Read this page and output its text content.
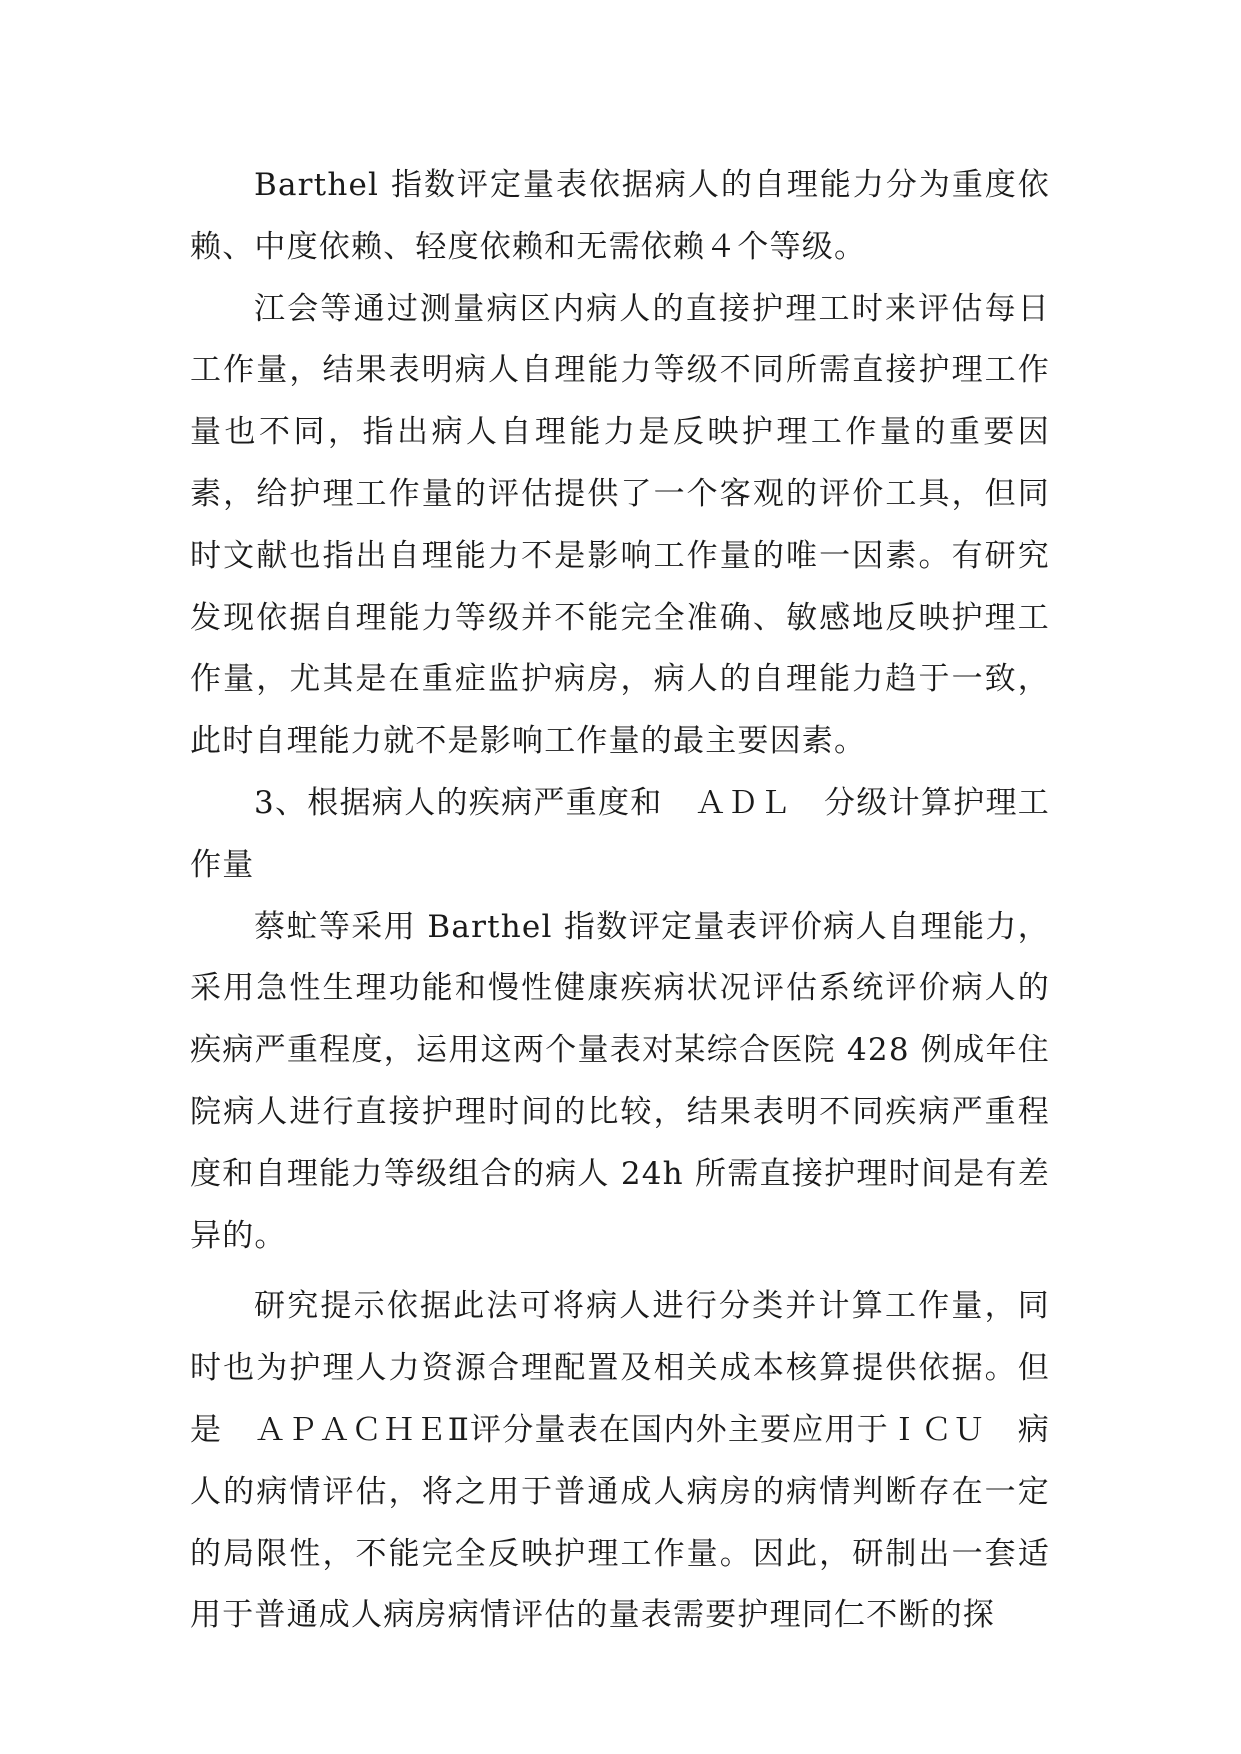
Barthel 指数评定量表依据病人的自理能力分为重度依赖、中度依赖、轻度依赖和无需依赖４个等级。

江会等通过测量病区内病人的直接护理工时来评估每日工作量，结果表明病人自理能力等级不同所需直接护理工作量也不同，指出病人自理能力是反映护理工作量的重要因素，给护理工作量的评估提供了一个客观的评价工具，但同时文献也指出自理能力不是影响工作量的唯一因素。有研究发现依据自理能力等级并不能完全准确、敏感地反映护理工作量，尤其是在重症监护病房，病人的自理能力趋于一致，此时自理能力就不是影响工作量的最主要因素。

3、根据病人的疾病严重度和　ＡＤＬ　分级计算护理工作量

蔡虻等采用 Barthel 指数评定量表评价病人自理能力，采用急性生理功能和慢性健康疾病状况评估系统评价病人的疾病严重程度，运用这两个量表对某综合医院 428 例成年住院病人进行直接护理时间的比较，结果表明不同疾病严重程度和自理能力等级组合的病人 24h 所需直接护理时间是有差异的。

研究提示依据此法可将病人进行分类并计算工作量，同时也为护理人力资源合理配置及相关成本核算提供依据。但是　ＡＰＡＣＨＥⅡ评分量表在国内外主要应用于ＩＣＵ　病人的病情评估，将之用于普通成人病房的病情判断存在一定的局限性，不能完全反映护理工作量。因此，研制出一套适用于普通成人病房病情评估的量表需要护理同仁不断的探
